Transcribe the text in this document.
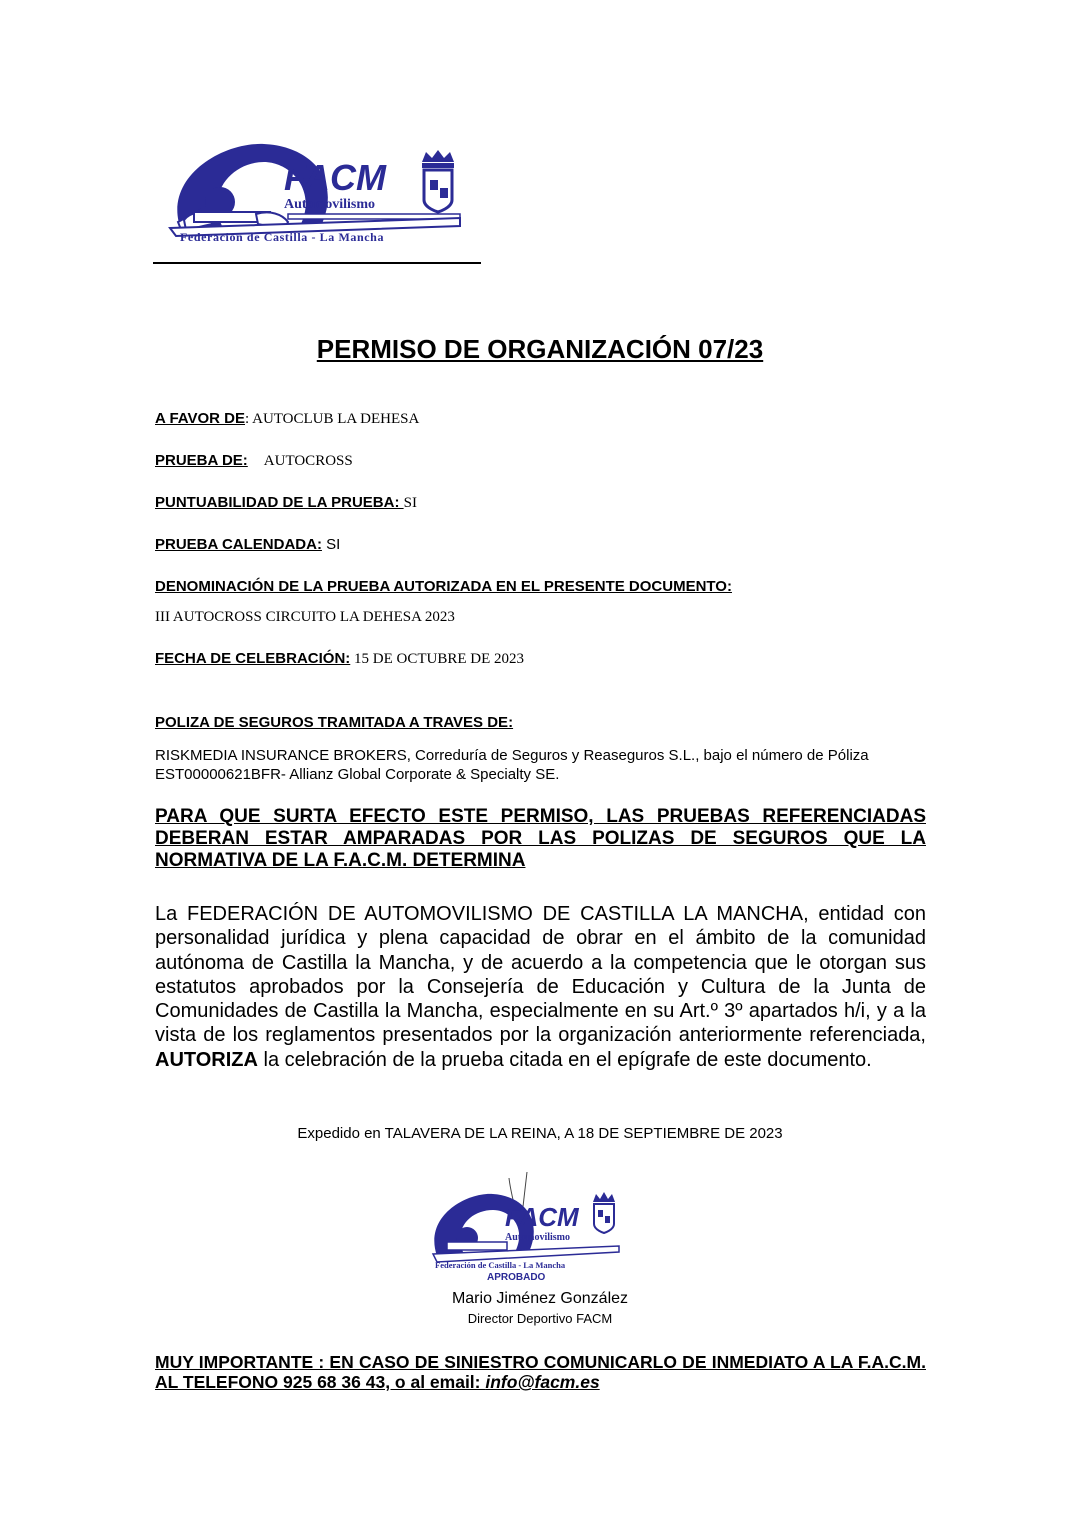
FACM
Automovilismo
Federación de Castilla - La Mancha
PERMISO DE ORGANIZACIÓN 07/23
A FAVOR DE: AUTOCLUB LA DEHESA
PRUEBA DE: AUTOCROSS
PUNTUABILIDAD DE LA PRUEBA: SI
PRUEBA CALENDADA: SI
DENOMINACIÓN DE LA PRUEBA AUTORIZADA EN EL PRESENTE DOCUMENTO:
III AUTOCROSS CIRCUITO LA DEHESA 2023
FECHA DE CELEBRACIÓN: 15 DE OCTUBRE DE 2023
POLIZA DE SEGUROS TRAMITADA A TRAVES DE:
RISKMEDIA INSURANCE BROKERS, Correduría de Seguros y Reaseguros S.L., bajo el número de Póliza EST00000621BFR- Allianz Global Corporate & Specialty SE.
PARA QUE SURTA EFECTO ESTE PERMISO, LAS PRUEBAS REFERENCIADAS DEBERAN ESTAR AMPARADAS POR LAS POLIZAS DE SEGUROS QUE LA NORMATIVA DE LA F.A.C.M. DETERMINA
La FEDERACIÓN DE AUTOMOVILISMO DE CASTILLA LA MANCHA, entidad con personalidad jurídica y plena capacidad de obrar en el ámbito de la comunidad autónoma de Castilla la Mancha, y de acuerdo a la competencia que le otorgan sus estatutos aprobados por la Consejería de Educación y Cultura de la Junta de Comunidades de Castilla la Mancha, especialmente en su Art.º 3º apartados h/i, y a la vista de los reglamentos presentados por la organización anteriormente referenciada, AUTORIZA la celebración de la prueba citada en el epígrafe de este documento.
Expedido en TALAVERA DE LA REINA, A 18 DE SEPTIEMBRE DE 2023
FACM
Automovilismo
Federación de Castilla - La Mancha
APROBADO
Mario Jiménez González
Director Deportivo FACM
MUY IMPORTANTE : EN CASO DE SINIESTRO COMUNICARLO DE INMEDIATO A LA F.A.C.M. AL TELEFONO 925 68 36 43, o al email: info@facm.es
